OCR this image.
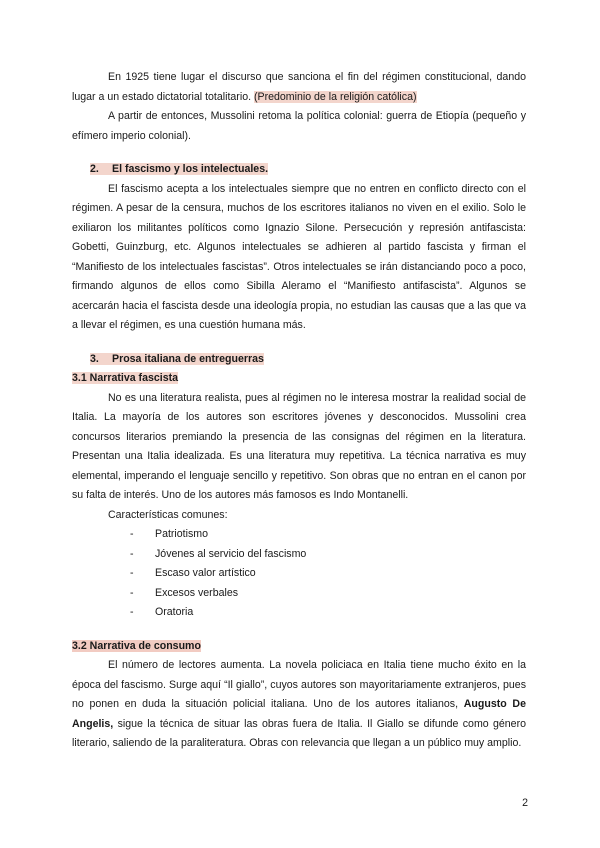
En 1925 tiene lugar el discurso que sanciona el fin del régimen constitucional, dando lugar a un estado dictatorial totalitario. (Predominio de la religión católica)

A partir de entonces, Mussolini retoma la política colonial: guerra de Etiopía (pequeño y efímero imperio colonial).

2. El fascismo y los intelectuales.

El fascismo acepta a los intelectuales siempre que no entren en conflicto directo con el régimen. A pesar de la censura, muchos de los escritores italianos no viven en el exilio. Solo le exiliaron los militantes políticos como Ignazio Silone. Persecución y represión antifascista: Gobetti, Guinzburg, etc. Algunos intelectuales se adhieren al partido fascista y firman el “Manifiesto de los intelectuales fascistas”. Otros intelectuales se irán distanciando poco a poco, firmando algunos de ellos como Sibilla Aleramo el “Manifiesto antifascista”. Algunos se acercarán hacia el fascista desde una ideología propia, no estudian las causas que a las que va a llevar el régimen, es una cuestión humana más.

3. Prosa italiana de entreguerras
3.1 Narrativa fascista

No es una literatura realista, pues al régimen no le interesa mostrar la realidad social de Italia. La mayoría de los autores son escritores jóvenes y desconocidos. Mussolini crea concursos literarios premiando la presencia de las consignas del régimen en la literatura. Presentan una Italia idealizada. Es una literatura muy repetitiva. La técnica narrativa es muy elemental, imperando el lenguaje sencillo y repetitivo. Son obras que no entran en el canon por su falta de interés. Uno de los autores más famosos es Indo Montanelli.

Características comunes:

- Patriotismo
- Jóvenes al servicio del fascismo
- Escaso valor artístico
- Excesos verbales
- Oratoria
3.2 Narrativa de consumo

El número de lectores aumenta. La novela policiaca en Italia tiene mucho éxito en la época del fascismo. Surge aquí “Il giallo”, cuyos autores son mayoritariamente extranjeros, pues no ponen en duda la situación policial italiana. Uno de los autores italianos, Augusto De Angelis, sigue la técnica de situar las obras fuera de Italia. Il Giallo se difunde como género literario, saliendo de la paraliteratura. Obras con relevancia que llegan a un público muy amplio.

2
